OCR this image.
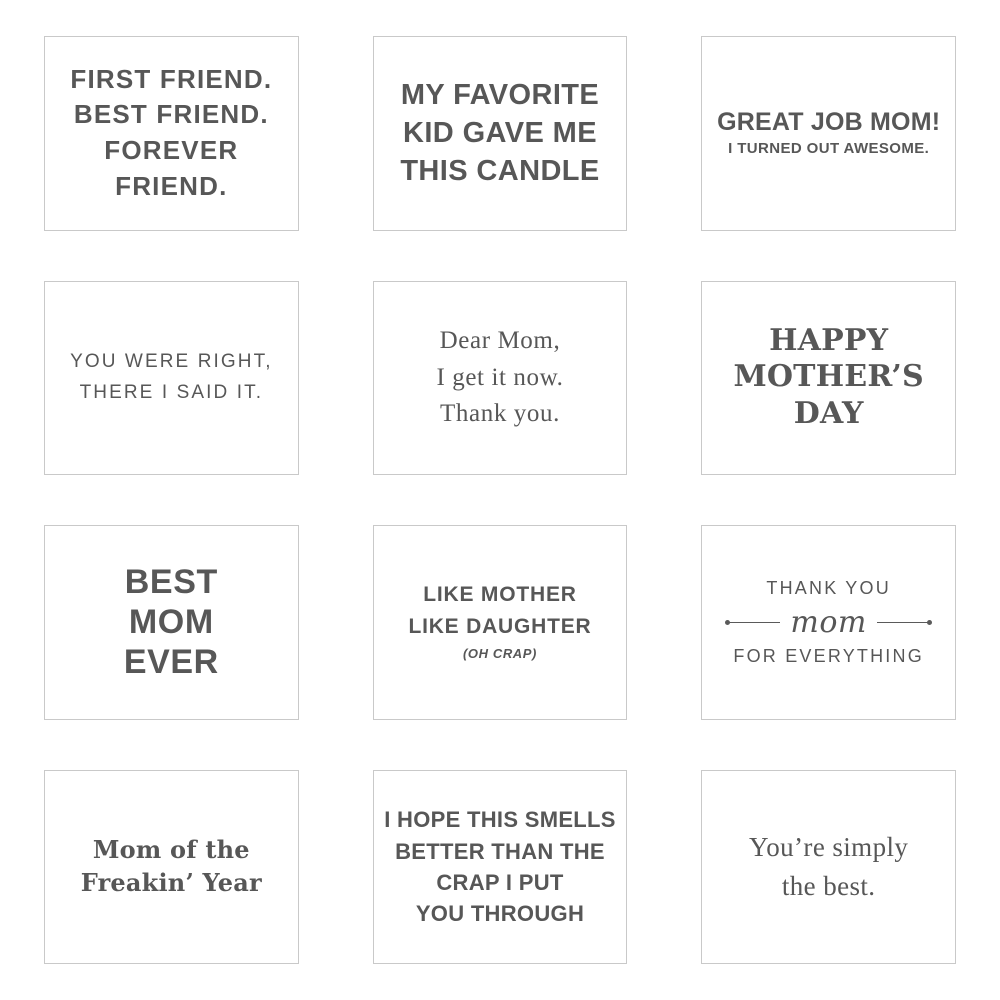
FIRST FRIEND.
BEST FRIEND.
FOREVER FRIEND.
MY FAVORITE
KID GAVE ME
THIS CANDLE
GREAT JOB MOM!
I TURNED OUT AWESOME.
YOU WERE RIGHT,
THERE I SAID IT.
Dear Mom,
I get it now.
Thank you.
HAPPY
MOTHER’S
DAY
BEST
MOM
EVER
LIKE MOTHER
LIKE DAUGHTER
(OH CRAP)
THANK YOU
mom
FOR EVERYTHING
Mom of the
Freakin’ Year
I HOPE THIS SMELLS
BETTER THAN THE
CRAP I PUT
YOU THROUGH
You’re simply
the best.
